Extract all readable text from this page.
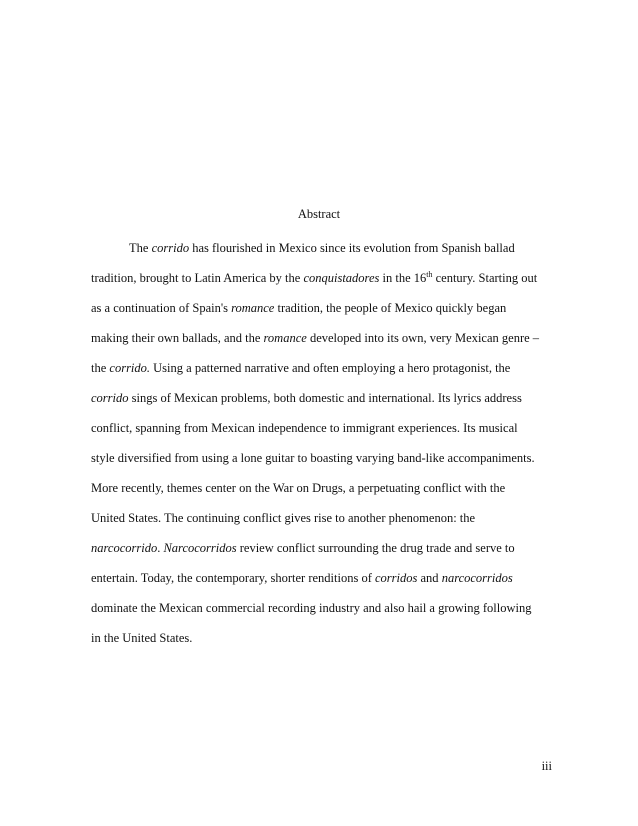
Abstract
The corrido has flourished in Mexico since its evolution from Spanish ballad
tradition, brought to Latin America by the conquistadores in the 16th century. Starting out
as a continuation of Spain's romance tradition, the people of Mexico quickly began
making their own ballads, and the romance developed into its own, very Mexican genre –
the corrido. Using a patterned narrative and often employing a hero protagonist, the
corrido sings of Mexican problems, both domestic and international. Its lyrics address
conflict, spanning from Mexican independence to immigrant experiences. Its musical
style diversified from using a lone guitar to boasting varying band-like accompaniments.
More recently, themes center on the War on Drugs, a perpetuating conflict with the
United States. The continuing conflict gives rise to another phenomenon: the
narcocorrido. Narcocorridos review conflict surrounding the drug trade and serve to
entertain. Today, the contemporary, shorter renditions of corridos and narcocorridos
dominate the Mexican commercial recording industry and also hail a growing following
in the United States.
iii
